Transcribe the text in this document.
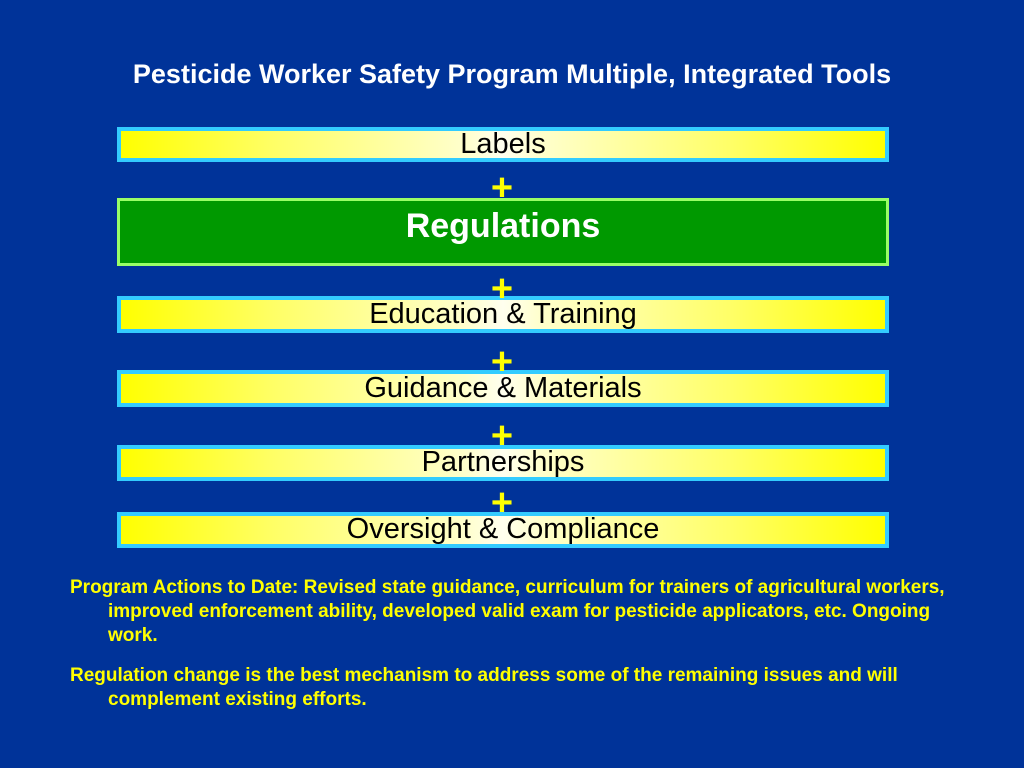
Pesticide Worker Safety Program Multiple, Integrated Tools
Labels
+
Regulations
+
Education & Training
+
Guidance & Materials
+
Partnerships
+
Oversight & Compliance

Program Actions to Date: Revised state guidance, curriculum for trainers of agricultural workers, improved enforcement ability, developed valid exam for pesticide applicators, etc. Ongoing work.

Regulation change is the best mechanism to address some of the remaining issues and will complement existing efforts.
